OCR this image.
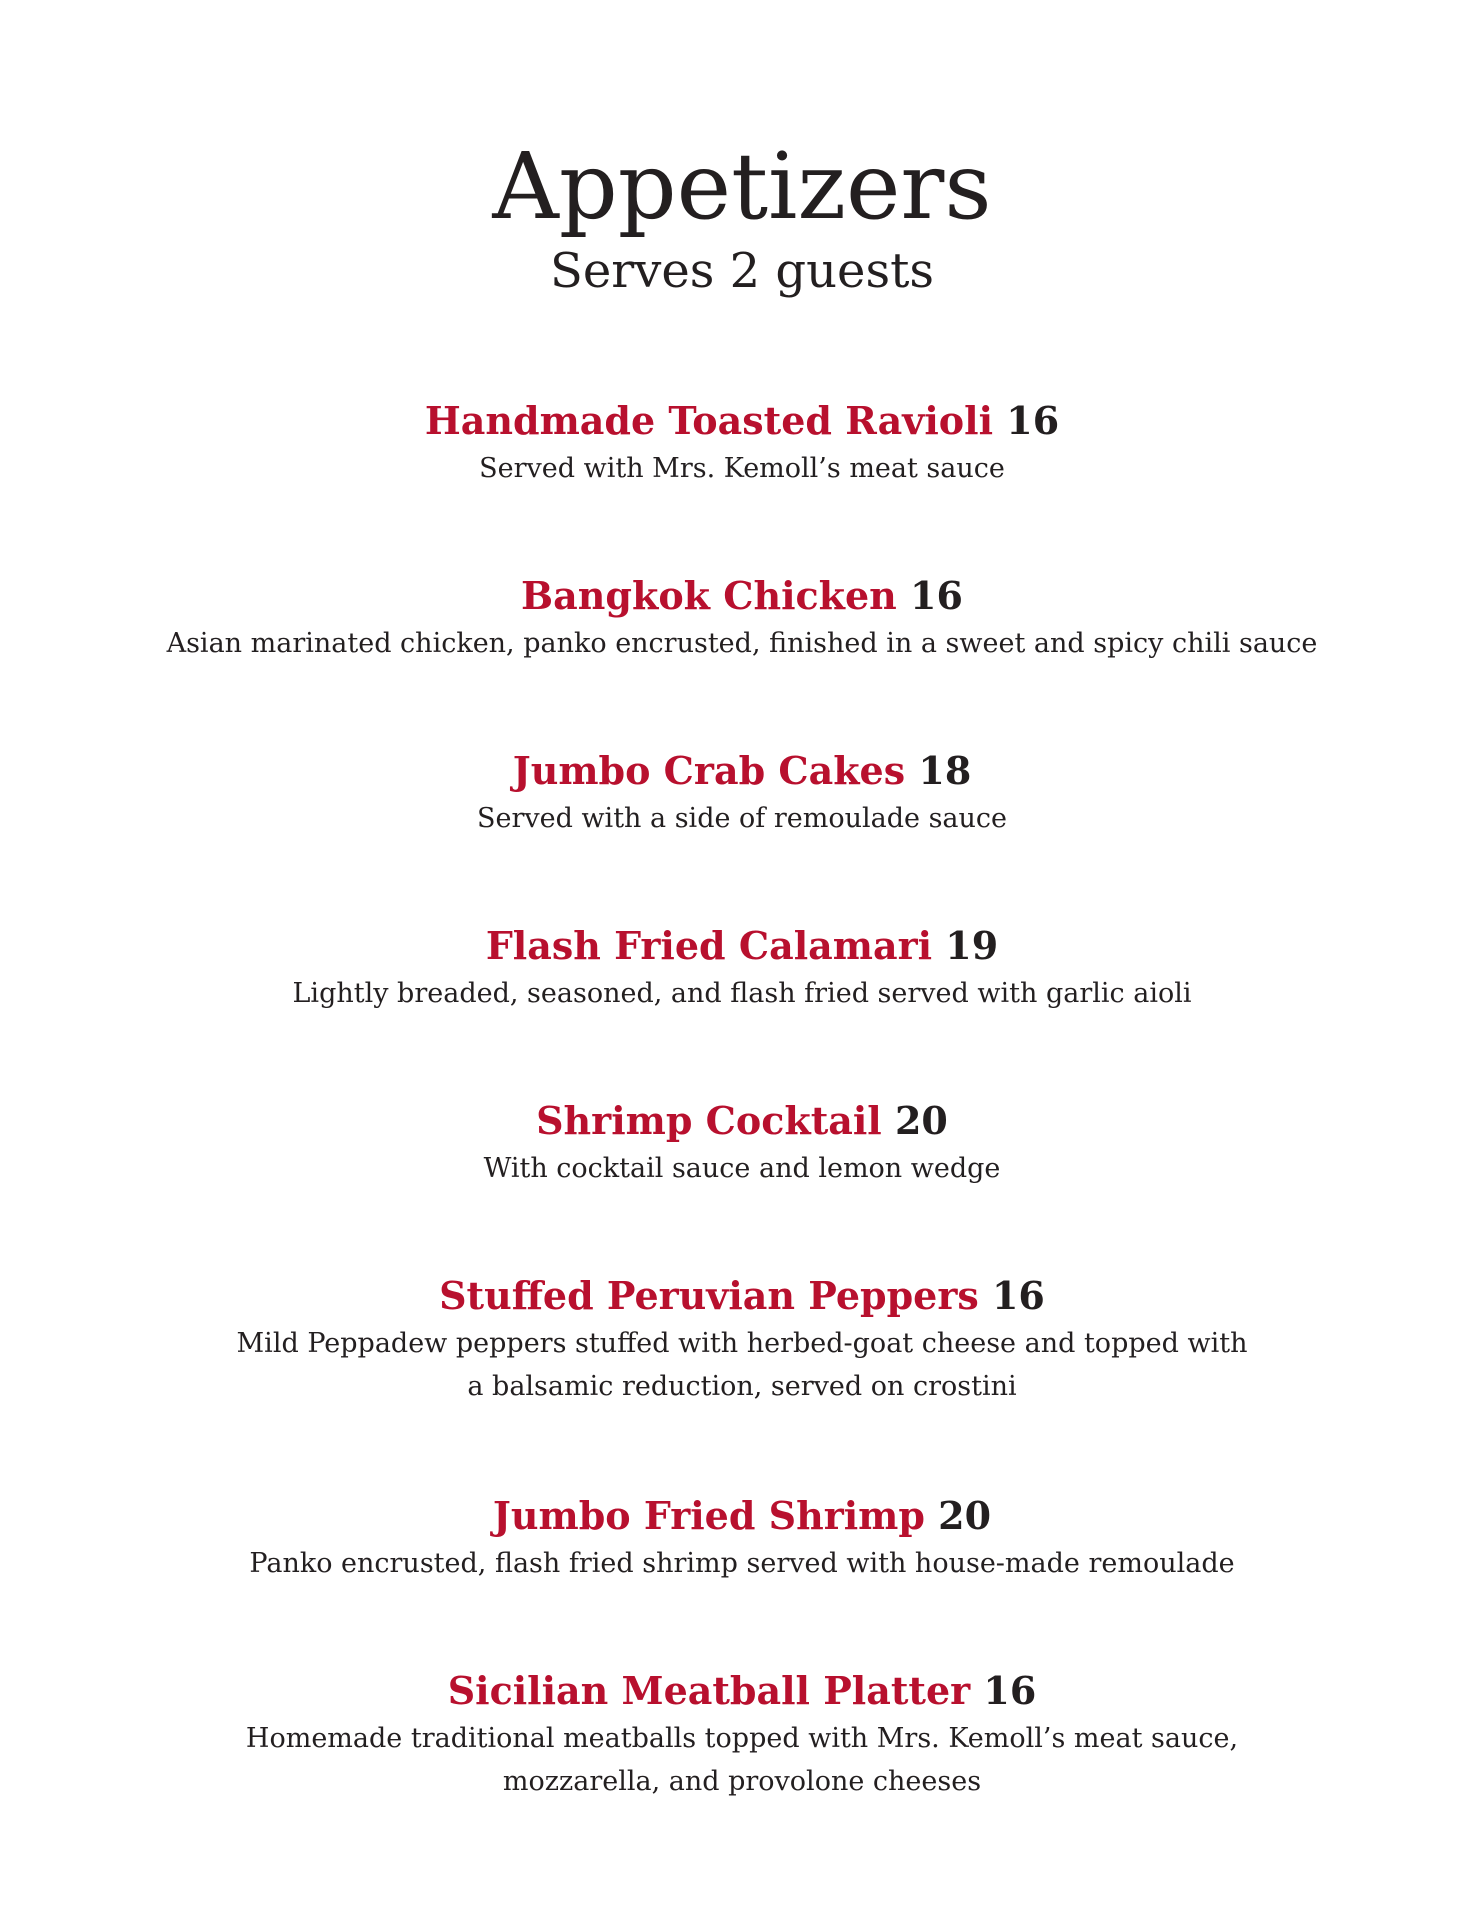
Appetizers
Serves 2 guests
Handmade Toasted Ravioli 16
Served with Mrs. Kemoll’s meat sauce
Bangkok Chicken 16
Asian marinated chicken, panko encrusted, finished in a sweet and spicy chili sauce
Jumbo Crab Cakes 18
Served with a side of remoulade sauce
Flash Fried Calamari 19
Lightly breaded, seasoned, and flash fried served with garlic aioli
Shrimp Cocktail 20
With cocktail sauce and lemon wedge
Stuffed Peruvian Peppers 16
Mild Peppadew peppers stuffed with herbed-goat cheese and topped with
a balsamic reduction, served on crostini
Jumbo Fried Shrimp 20
Panko encrusted, flash fried shrimp served with house-made remoulade
Sicilian Meatball Platter 16
Homemade traditional meatballs topped with Mrs. Kemoll’s meat sauce,
mozzarella, and provolone cheeses
